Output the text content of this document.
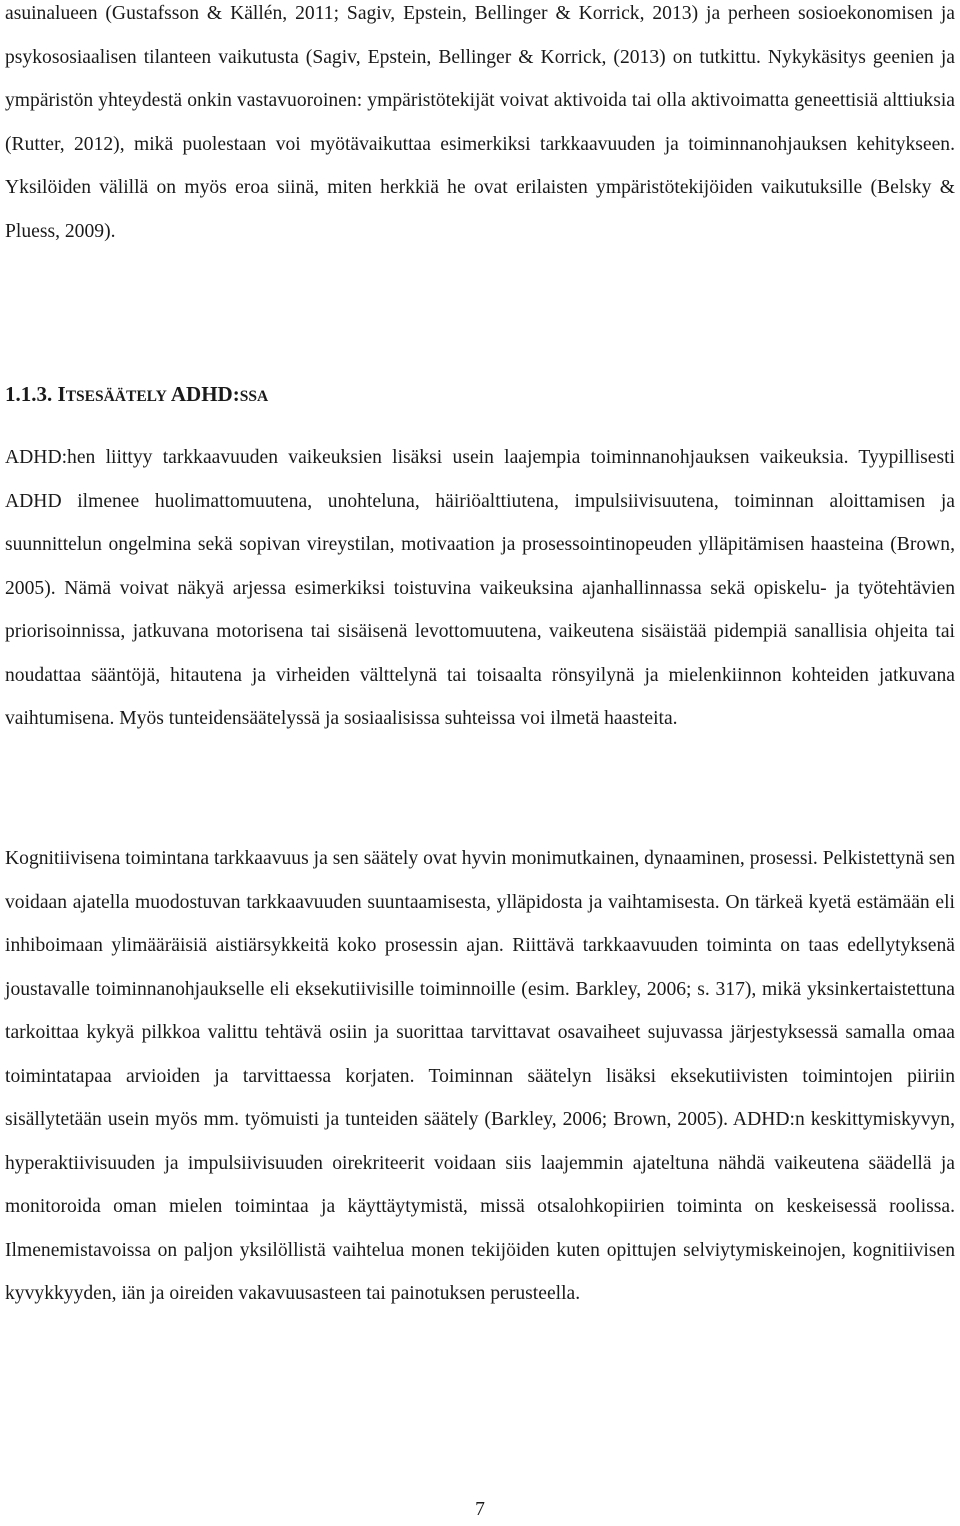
asuinalueen (Gustafsson & Källén, 2011; Sagiv, Epstein, Bellinger & Korrick, 2013) ja perheen sosioekonomisen ja psykososiaalisen tilanteen vaikutusta (Sagiv, Epstein, Bellinger & Korrick, (2013) on tutkittu. Nykykäsitys geenien ja ympäristön yhteydestä onkin vastavuoroinen: ympäristötekijät voivat aktivoida tai olla aktivoimatta geneettisiä alttiuksia (Rutter, 2012), mikä puolestaan voi myötävaikuttaa esimerkiksi tarkkaavuuden ja toiminnanohjauksen kehitykseen. Yksilöiden välillä on myös eroa siinä, miten herkkiä he ovat erilaisten ympäristötekijöiden vaikutuksille (Belsky & Pluess, 2009).

1.1.3. ITSESÄÄTELY ADHD:SSA

ADHD:hen liittyy tarkkaavuuden vaikeuksien lisäksi usein laajempia toiminnanohjauksen vaikeuksia. Tyypillisesti ADHD ilmenee huolimattomuutena, unohteluna, häiriöalttiutena, impulsiivisuutena, toiminnan aloittamisen ja suunnittelun ongelmina sekä sopivan vireystilan, motivaation ja prosessointinopeuden ylläpitämisen haasteina (Brown, 2005). Nämä voivat näkyä arjessa esimerkiksi toistuvina vaikeuksina ajanhallinnassa sekä opiskelu- ja työtehtävien priorisoinnissa, jatkuvana motorisena tai sisäisenä levottomuutena, vaikeutena sisäistää pidempiä sanallisia ohjeita tai noudattaa sääntöjä, hitautena ja virheiden välttelynä tai toisaalta rönsyilynä ja mielenkiinnon kohteiden jatkuvana vaihtumisena. Myös tunteidensäätelyssä ja sosiaalisissa suhteissa voi ilmetä haasteita.

Kognitiivisena toimintana tarkkaavuus ja sen säätely ovat hyvin monimutkainen, dynaaminen, prosessi. Pelkistettynä sen voidaan ajatella muodostuvan tarkkaavuuden suuntaamisesta, ylläpidosta ja vaihtamisesta. On tärkeä kyetä estämään eli inhiboimaan ylimääräisiä aistiärsykkeitä koko prosessin ajan. Riittävä tarkkaavuuden toiminta on taas edellytyksenä joustavalle toiminnanohjaukselle eli eksekutiivisille toiminnoille (esim. Barkley, 2006; s. 317), mikä yksinkertaistettuna tarkoittaa kykyä pilkkoa valittu tehtävä osiin ja suorittaa tarvittavat osavaiheet sujuvassa järjestyksessä samalla omaa toimintatapaa arvioiden ja tarvittaessa korjaten. Toiminnan säätelyn lisäksi eksekutiivisten toimintojen piiriin sisällytetään usein myös mm. työmuisti ja tunteiden säätely (Barkley, 2006; Brown, 2005). ADHD:n keskittymiskyvyn, hyperaktiivisuuden ja impulsiivisuuden oirekriteerit voidaan siis laajemmin ajateltuna nähdä vaikeutena säädellä ja monitoroida oman mielen toimintaa ja käyttäytymistä, missä otsalohkopiirien toiminta on keskeisessä roolissa. Ilmenemistavoissa on paljon yksilöllistä vaihtelua monen tekijöiden kuten opittujen selviytymiskeinojen, kognitiivisen kyvykkyyden, iän ja oireiden vakavuusasteen tai painotuksen perusteella.

7
